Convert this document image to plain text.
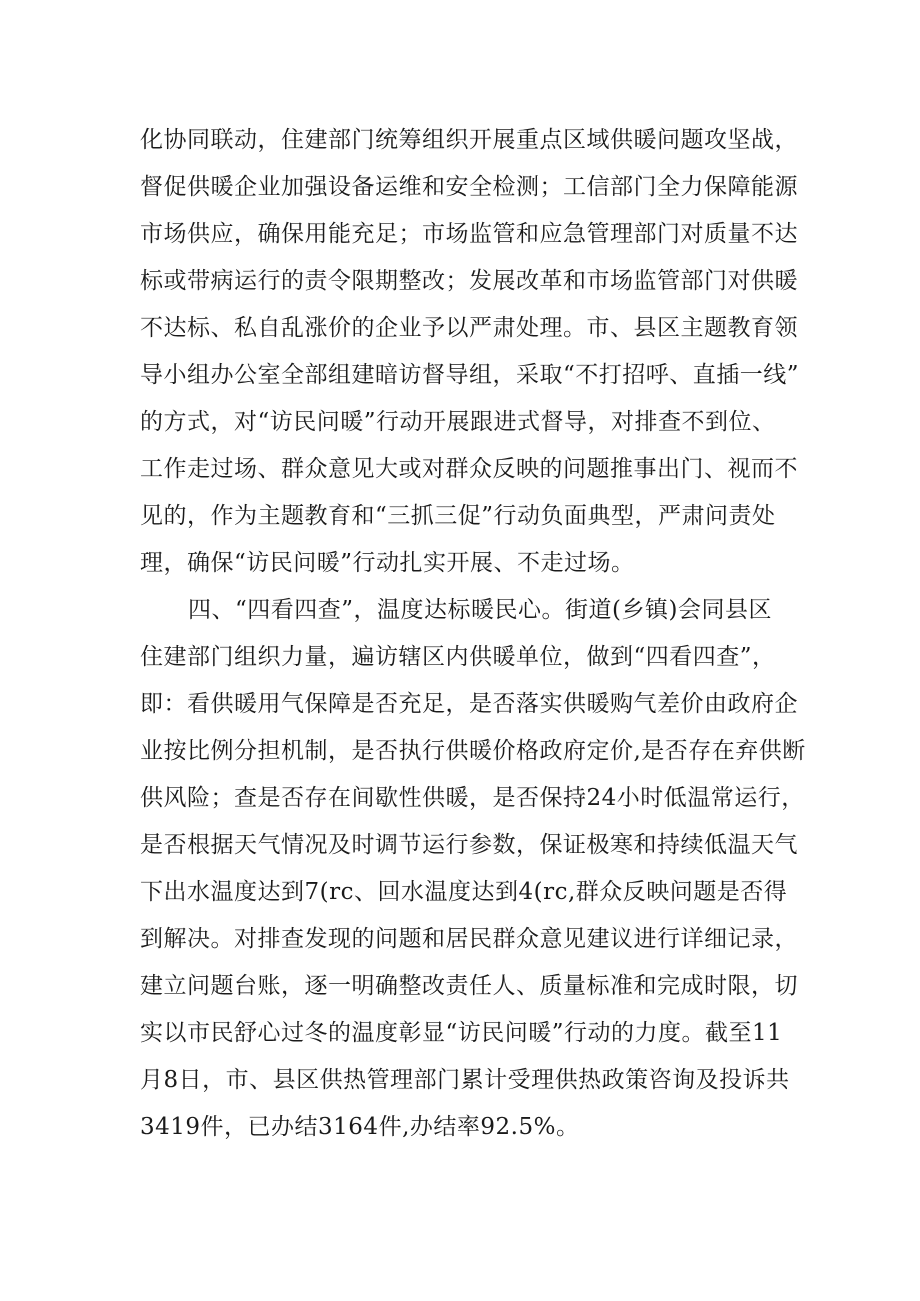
化协同联动，住建部门统筹组织开展重点区域供暖问题攻坚战，
督促供暖企业加强设备运维和安全检测；工信部门全力保障能源
市场供应，确保用能充足；市场监管和应急管理部门对质量不达
标或带病运行的责令限期整改；发展改革和市场监管部门对供暖
不达标、私自乱涨价的企业予以严肃处理。市、县区主题教育领
导小组办公室全部组建暗访督导组，采取“不打招呼、直插一线”
的方式，对“访民问暖”行动开展跟进式督导，对排查不到位、
工作走过场、群众意见大或对群众反映的问题推事出门、视而不
见的，作为主题教育和“三抓三促”行动负面典型，严肃问责处
理，确保“访民问暖”行动扎实开展、不走过场。
四、“四看四查”，温度达标暖民心。街道(乡镇)会同县区
住建部门组织力量，遍访辖区内供暖单位，做到“四看四查”，
即：看供暖用气保障是否充足，是否落实供暖购气差价由政府企
业按比例分担机制，是否执行供暖价格政府定价,是否存在弃供断
供风险；查是否存在间歇性供暖，是否保持24小时低温常运行，
是否根据天气情况及时调节运行参数，保证极寒和持续低温天气
下出水温度达到7(rc、回水温度达到4(rc,群众反映问题是否得
到解决。对排查发现的问题和居民群众意见建议进行详细记录，
建立问题台账，逐一明确整改责任人、质量标准和完成时限，切
实以市民舒心过冬的温度彰显“访民问暖”行动的力度。截至11
月8日，市、县区供热管理部门累计受理供热政策咨询及投诉共
3419件，已办结3164件,办结率92.5%。
